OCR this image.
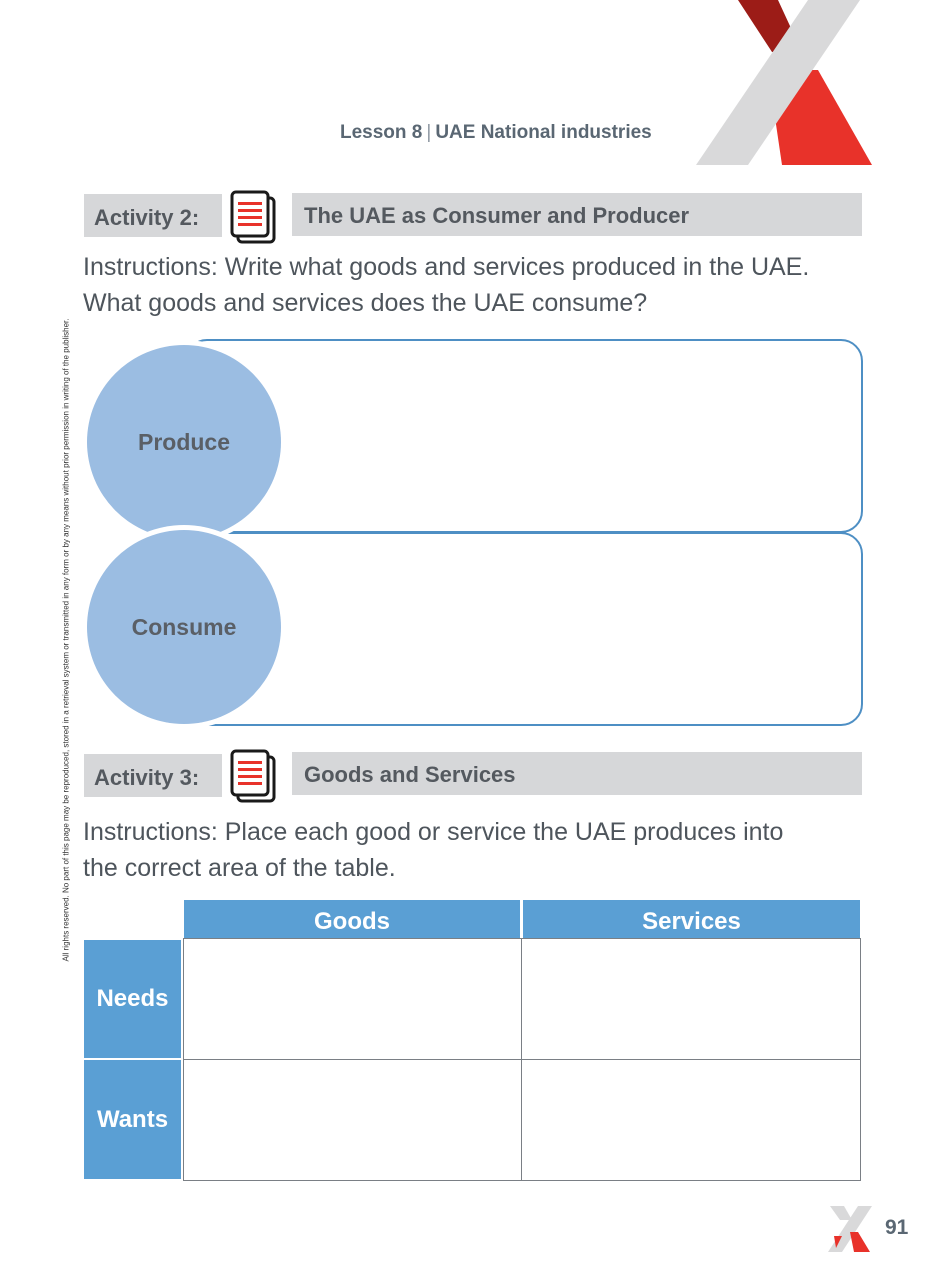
Lesson 8 | UAE National industries
Activity 2:	The UAE as Consumer and Producer
Instructions: Write what goods and services produced in the UAE.
What goods and services does the UAE consume?
Produce
Consume
Activity 3:	Goods and Services
Instructions: Place each good or service the UAE produces into
the correct area of the table.
Goods	Services
Needs
Wants
All rights reserved. No part of this page may be reproduced, stored in a retrieval system or transmitted in any form or by any means without prior permission in writing of the publisher.
91
